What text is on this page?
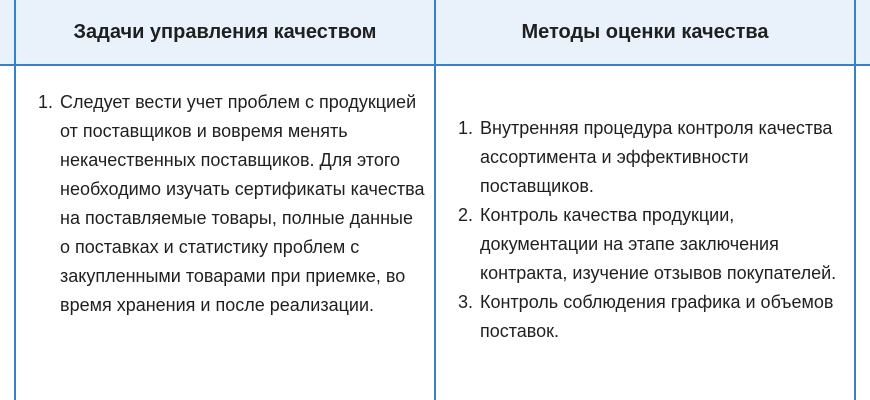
Задачи управления качеством	Методы оценки качества
1. Следует вести учет проблем с продукцией от поставщиков и вовремя менять некачественных поставщиков. Для этого необходимо изучать сертификаты качества на поставляемые товары, полные данные о поставках и статистику проблем с закупленными товарами при приемке, во время хранения и после реализации.
1. Внутренняя процедура контроля качества ассортимента и эффективности поставщиков.
2. Контроль качества продукции, документации на этапе заключения контракта, изучение отзывов покупателей.
3. Контроль соблюдения графика и объемов поставок.
